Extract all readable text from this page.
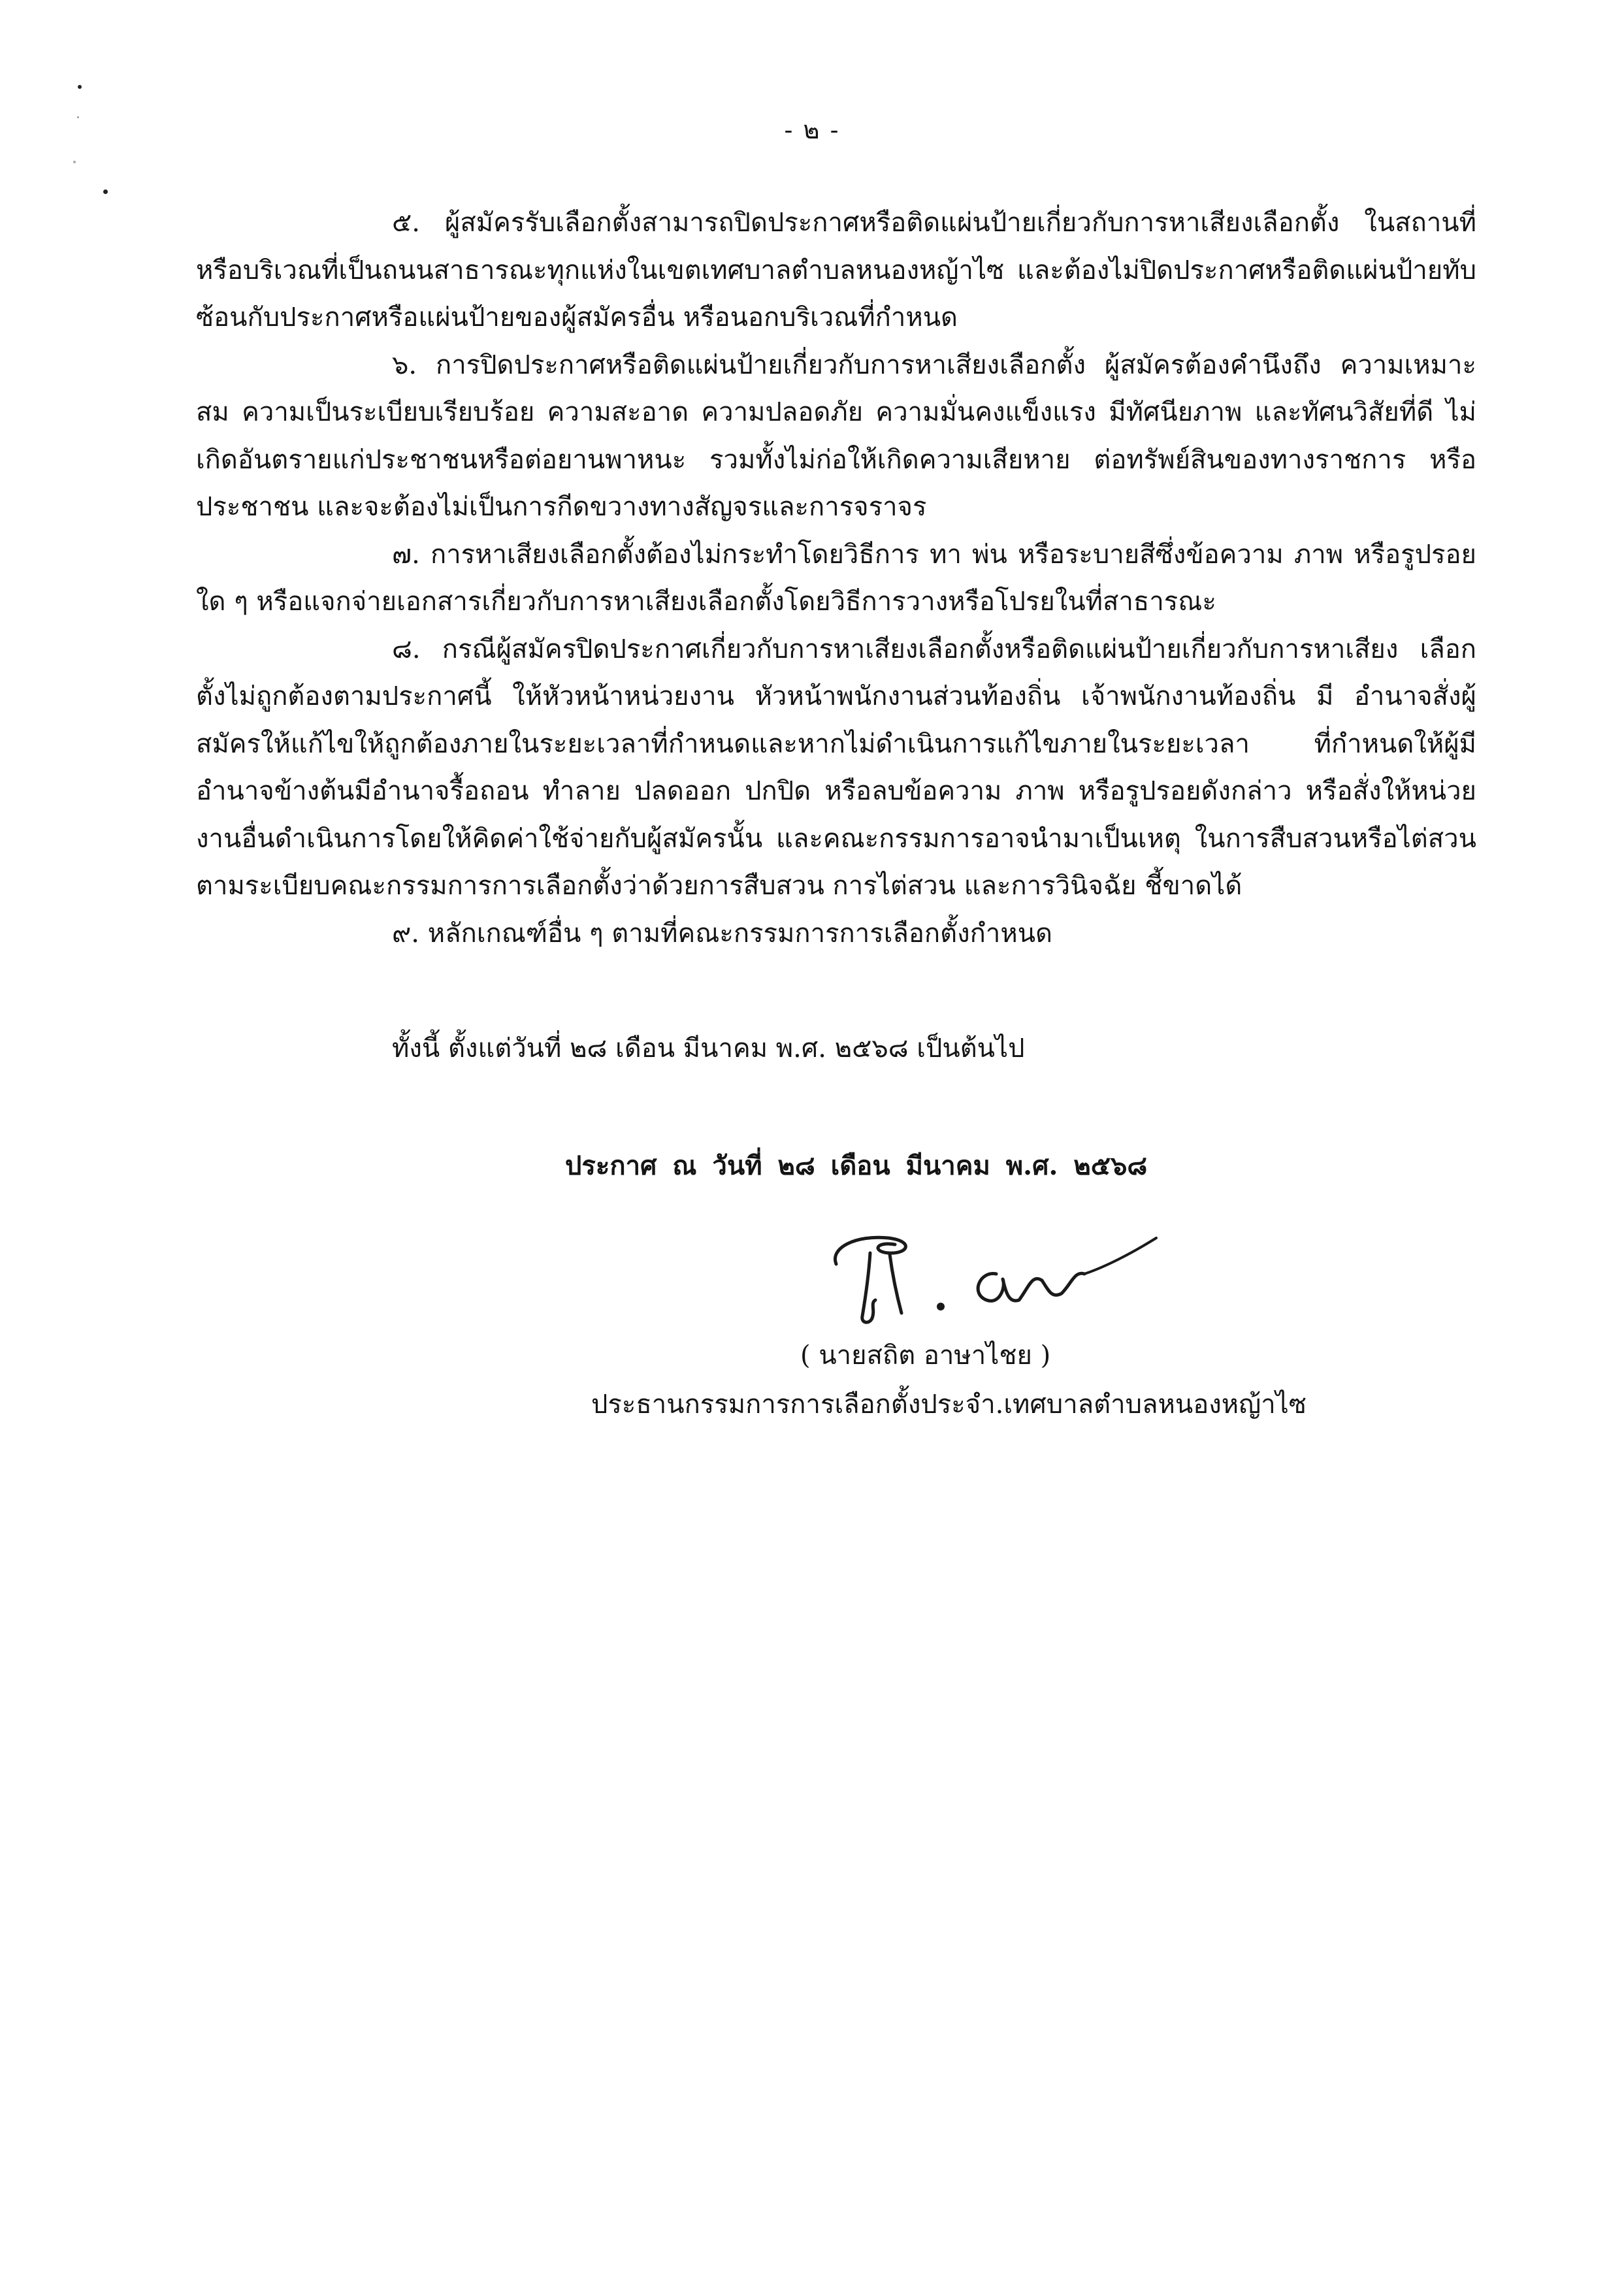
- ๒ -

๕. ผู้สมัครรับเลือกตั้งสามารถปิดประกาศหรือติดแผ่นป้ายเกี่ยวกับการหาเสียงเลือกตั้ง ในสถานที่หรือบริเวณที่เป็นถนนสาธารณะทุกแห่งในเขตเทศบาลตำบลหนองหญ้าไซ และต้องไม่ปิดประกาศหรือติดแผ่นป้ายทับซ้อนกับประกาศหรือแผ่นป้ายของผู้สมัครอื่น หรือนอกบริเวณที่กำหนด

๖. การปิดประกาศหรือติดแผ่นป้ายเกี่ยวกับการหาเสียงเลือกตั้ง ผู้สมัครต้องคำนึงถึง ความเหมาะสม ความเป็นระเบียบเรียบร้อย ความสะอาด ความปลอดภัย ความมั่นคงแข็งแรง มีทัศนียภาพ และทัศนวิสัยที่ดี ไม่เกิดอันตรายแก่ประชาชนหรือต่อยานพาหนะ รวมทั้งไม่ก่อให้เกิดความเสียหาย ต่อทรัพย์สินของทางราชการ หรือประชาชน และจะต้องไม่เป็นการกีดขวางทางสัญจรและการจราจร

๗. การหาเสียงเลือกตั้งต้องไม่กระทำโดยวิธีการ ทา พ่น หรือระบายสีซึ่งข้อความ ภาพ หรือรูปรอยใด ๆ หรือแจกจ่ายเอกสารเกี่ยวกับการหาเสียงเลือกตั้งโดยวิธีการวางหรือโปรยในที่สาธารณะ

๘. กรณีผู้สมัครปิดประกาศเกี่ยวกับการหาเสียงเลือกตั้งหรือติดแผ่นป้ายเกี่ยวกับการหาเสียง เลือกตั้งไม่ถูกต้องตามประกาศนี้ ให้หัวหน้าหน่วยงาน หัวหน้าพนักงานส่วนท้องถิ่น เจ้าพนักงานท้องถิ่น มี อำนาจสั่งผู้สมัครให้แก้ไขให้ถูกต้องภายในระยะเวลาที่กำหนดและหากไม่ดำเนินการแก้ไขภายในระยะเวลา ที่กำหนดให้ผู้มีอำนาจข้างต้นมีอำนาจรื้อถอน ทำลาย ปลดออก ปกปิด หรือลบข้อความ ภาพ หรือรูปรอยดังกล่าว หรือสั่งให้หน่วยงานอื่นดำเนินการโดยให้คิดค่าใช้จ่ายกับผู้สมัครนั้น และคณะกรรมการอาจนำมาเป็นเหตุ ในการสืบสวนหรือไต่สวนตามระเบียบคณะกรรมการการเลือกตั้งว่าด้วยการสืบสวน การไต่สวน และการวินิจฉัย ชี้ขาดได้

๙. หลักเกณฑ์อื่น ๆ ตามที่คณะกรรมการการเลือกตั้งกำหนด

ทั้งนี้ ตั้งแต่วันที่ ๒๘ เดือน มีนาคม พ.ศ. ๒๕๖๘ เป็นต้นไป
ประกาศ ณ วันที่ ๒๘ เดือน มีนาคม พ.ศ. ๒๕๖๘
( นายสถิต อาษาไชย )
ประธานกรรมการการเลือกตั้งประจำ.เทศบาลตำบลหนองหญ้าไซ
